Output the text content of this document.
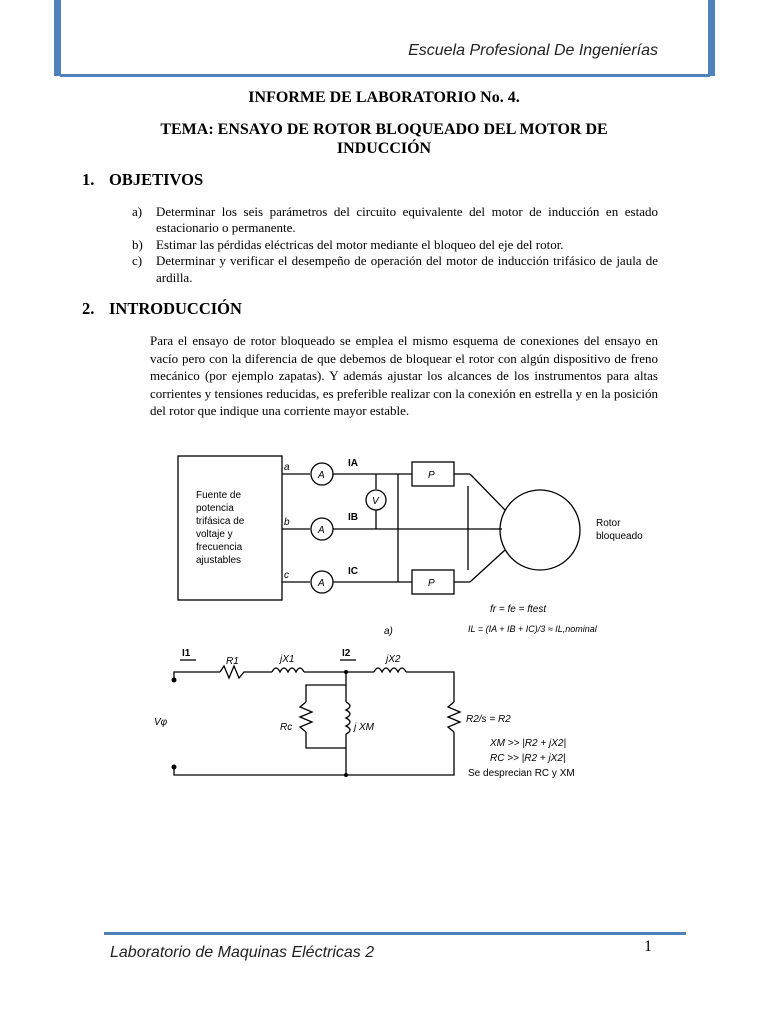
Escuela Profesional De Ingenierías
INFORME DE LABORATORIO No. 4.
TEMA: ENSAYO DE ROTOR BLOQUEADO DEL MOTOR DE
INDUCCIÓN
1. OBJETIVOS
a)	Determinar los seis parámetros del circuito equivalente del motor de inducción en estado estacionario o permanente.
b)	Estimar las pérdidas eléctricas del motor mediante el bloqueo del eje del rotor.
c)	Determinar y verificar el desempeño de operación del motor de inducción trifásico de jaula de ardilla.
2. INTRODUCCIÓN
Para el ensayo de rotor bloqueado se emplea el mismo esquema de conexiones del ensayo en vacío pero con la diferencia de que debemos de bloquear el rotor con algún dispositivo de freno mecánico (por ejemplo zapatas). Y además ajustar los alcances de los instrumentos para altas corrientes y tensiones reducidas, es preferible realizar con la conexión en estrella y en la posición del rotor que indique una corriente mayor estable.
Fuente de
potencia
trifásica de
voltaje y
frecuencia
ajustables
a
b
c
A
A
A
V
P
P
IA
IB
IC
Rotor
bloqueado
a)
fr = fe = ftest
IL = (IA + IB + IC)/3 ≈ IL,nominal
I1
R1	jX1
I2
jX2
Rc	j XM
Vφ	R2/s = R2
XM >> |R2 + jX2|
RC >> |R2 + jX2|
Se desprecian RC y XM
Laboratorio de Maquinas Eléctricas 2	1
